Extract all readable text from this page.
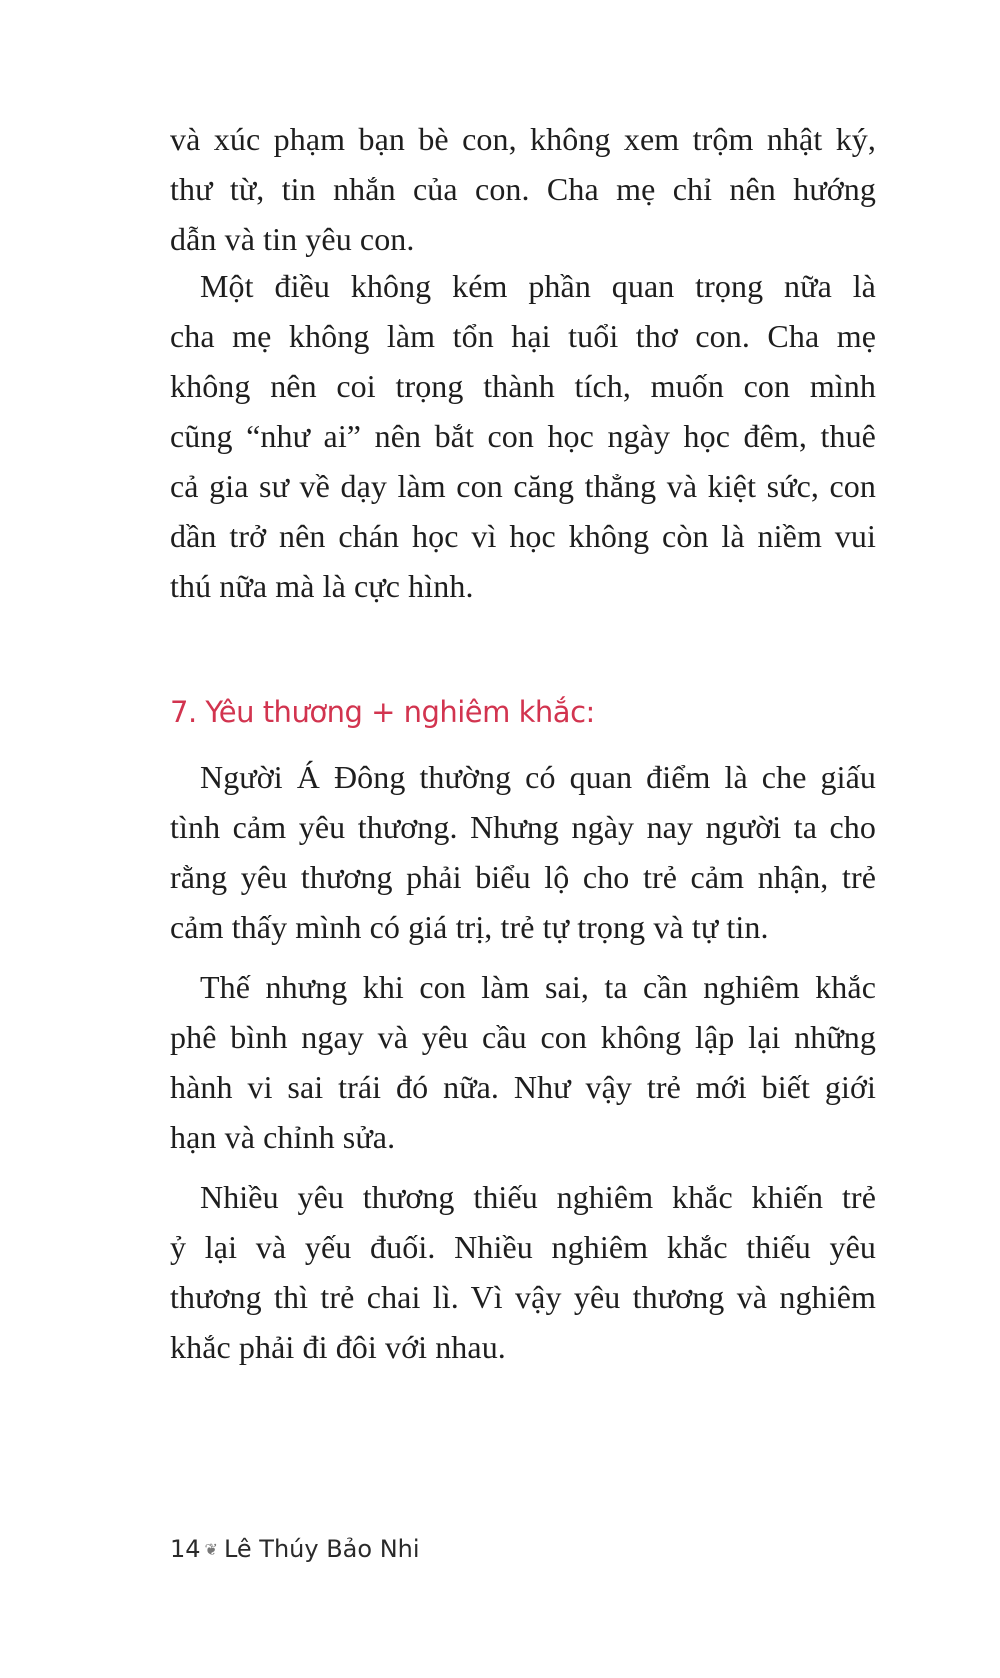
và xúc phạm bạn bè con, không xem trộm nhật ký,
thư từ, tin nhắn của con. Cha mẹ chỉ nên hướng
dẫn và tin yêu con.

Một điều không kém phần quan trọng nữa là
cha mẹ không làm tổn hại tuổi thơ con. Cha mẹ
không nên coi trọng thành tích, muốn con mình
cũng “như ai” nên bắt con học ngày học đêm, thuê
cả gia sư về dạy làm con căng thẳng và kiệt sức, con
dần trở nên chán học vì học không còn là niềm vui
thú nữa mà là cực hình.

7. Yêu thương + nghiêm khắc:

Người Á Đông thường có quan điểm là che giấu
tình cảm yêu thương. Nhưng ngày nay người ta cho
rằng yêu thương phải biểu lộ cho trẻ cảm nhận, trẻ
cảm thấy mình có giá trị, trẻ tự trọng và tự tin.

Thế nhưng khi con làm sai, ta cần nghiêm khắc
phê bình ngay và yêu cầu con không lập lại những
hành vi sai trái đó nữa. Như vậy trẻ mới biết giới
hạn và chỉnh sửa.

Nhiều yêu thương thiếu nghiêm khắc khiến trẻ
ỷ lại và yếu đuối. Nhiều nghiêm khắc thiếu yêu
thương thì trẻ chai lì. Vì vậy yêu thương và nghiêm
khắc phải đi đôi với nhau.

14 ❦ Lê Thúy Bảo Nhi
